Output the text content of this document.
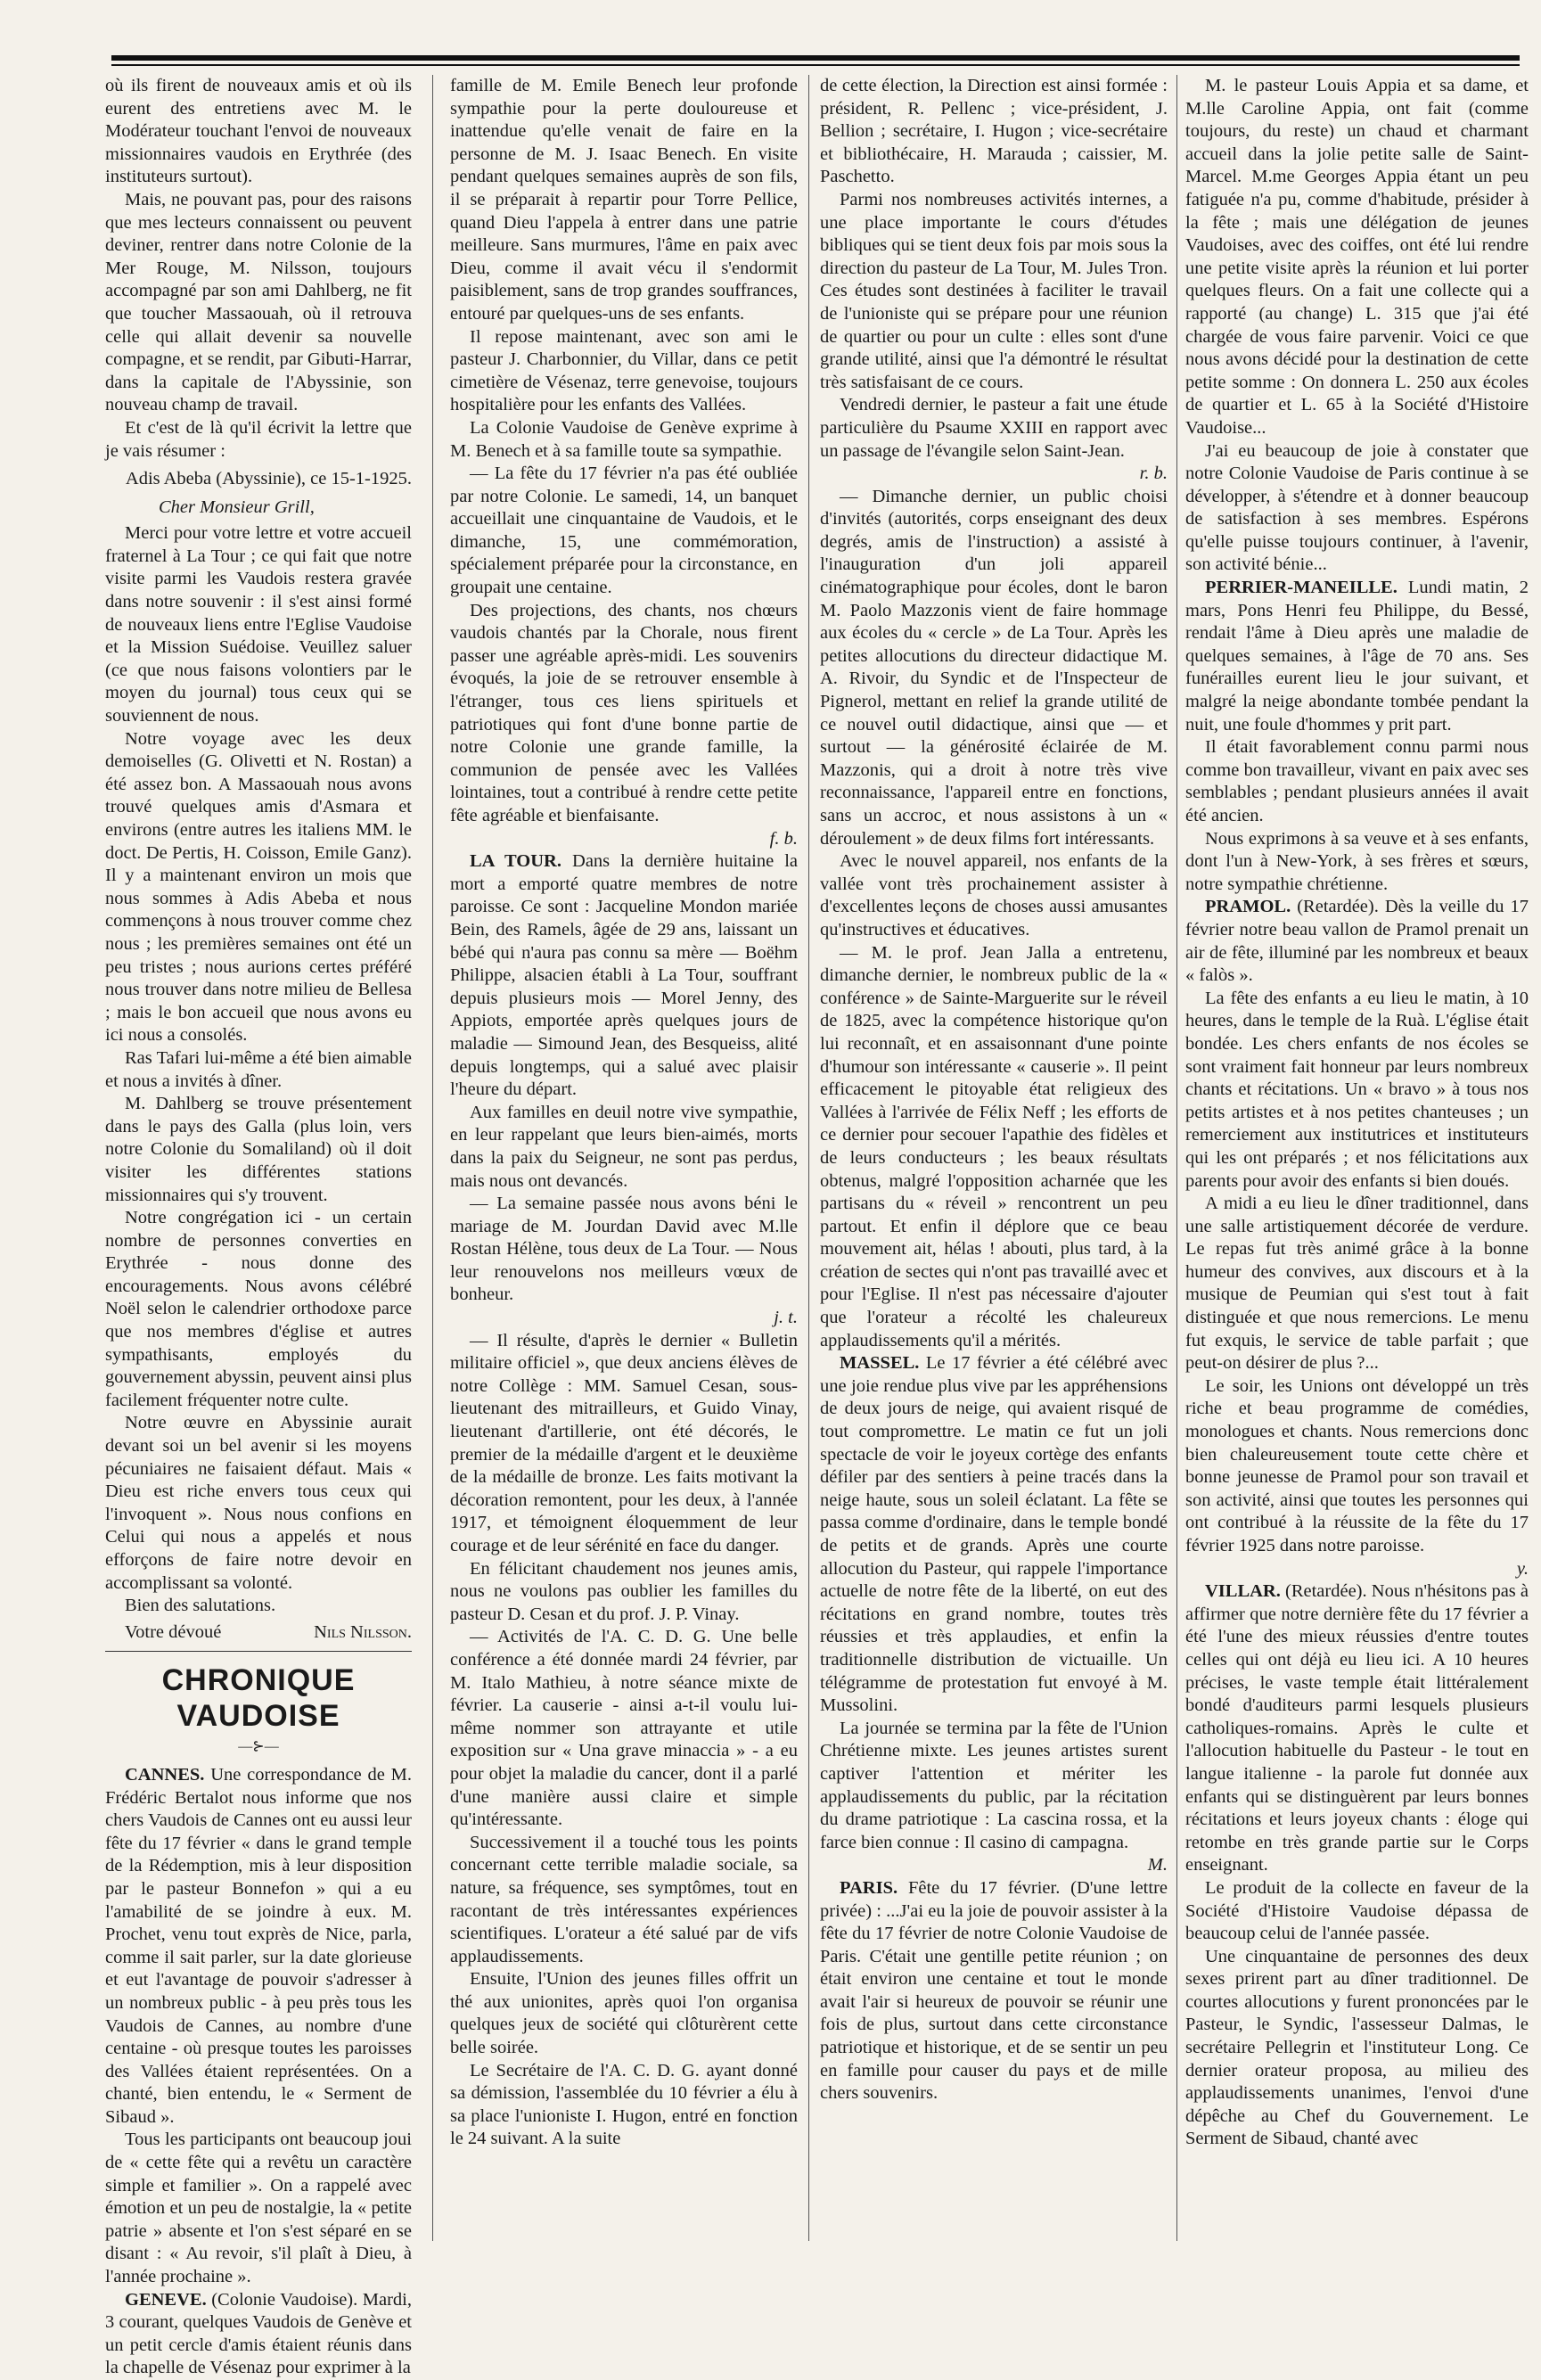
où ils firent de nouveaux amis et où ils eurent des entretiens avec M. le Modérateur touchant l'envoi de nouveaux missionnaires vaudois en Erythrée (des instituteurs surtout).

Mais, ne pouvant pas, pour des raisons que mes lecteurs connaissent ou peuvent deviner, rentrer dans notre Colonie de la Mer Rouge, M. Nilsson, toujours accompagné par son ami Dahlberg, ne fit que toucher Massaouah, où il retrouva celle qui allait devenir sa nouvelle compagne, et se rendit, par Gibuti-Harrar, dans la capitale de l'Abyssinie, son nouveau champ de travail.

Et c'est de là qu'il écrivit la lettre que je vais résumer :

Adis Abeba (Abyssinie), ce 15-1-1925.

Cher Monsieur Grill,

Merci pour votre lettre et votre accueil fraternel à La Tour ; ce qui fait que notre visite parmi les Vaudois restera gravée dans notre souvenir : il s'est ainsi formé de nouveaux liens entre l'Eglise Vaudoise et la Mission Suédoise. Veuillez saluer (ce que nous faisons volontiers par le moyen du journal) tous ceux qui se souviennent de nous.

Notre voyage avec les deux demoiselles (G. Olivetti et N. Rostan) a été assez bon. A Massaouah nous avons trouvé quelques amis d'Asmara et environs (entre autres les italiens MM. le doct. De Pertis, H. Coisson, Emile Ganz). Il y a maintenant environ un mois que nous sommes à Adis Abeba et nous commençons à nous trouver comme chez nous ; les premières semaines ont été un peu tristes ; nous aurions certes préféré nous trouver dans notre milieu de Bellesa ; mais le bon accueil que nous avons eu ici nous a consolés.

Ras Tafari lui-même a été bien aimable et nous a invités à dîner.

M. Dahlberg se trouve présentement dans le pays des Galla (plus loin, vers notre Colonie du Somaliland) où il doit visiter les différentes stations missionnaires qui s'y trouvent.

Notre congrégation ici - un certain nombre de personnes converties en Erythrée - nous donne des encouragements. Nous avons célébré Noël selon le calendrier orthodoxe parce que nos membres d'église et autres sympathisants, employés du gouvernement abyssin, peuvent ainsi plus facilement fréquenter notre culte.

Notre œuvre en Abyssinie aurait devant soi un bel avenir si les moyens pécuniaires ne faisaient défaut. Mais « Dieu est riche envers tous ceux qui l'invoquent ». Nous nous confions en Celui qui nous a appelés et nous efforçons de faire notre devoir en accomplissant sa volonté.

Bien des salutations.

Votre dévoué	Nils Nilsson.
CHRONIQUE VAUDOISE
—⊱—

CANNES. Une correspondance de M. Frédéric Bertalot nous informe que nos chers Vaudois de Cannes ont eu aussi leur fête du 17 février « dans le grand temple de la Rédemption, mis à leur disposition par le pasteur Bonnefon » qui a eu l'amabilité de se joindre à eux. M. Prochet, venu tout exprès de Nice, parla, comme il sait parler, sur la date glorieuse et eut l'avantage de pouvoir s'adresser à un nombreux public - à peu près tous les Vaudois de Cannes, au nombre d'une centaine - où presque toutes les paroisses des Vallées étaient représentées. On a chanté, bien entendu, le « Serment de Sibaud ».

Tous les participants ont beaucoup joui de « cette fête qui a revêtu un caractère simple et familier ». On a rappelé avec émotion et un peu de nostalgie, la « petite patrie » absente et l'on s'est séparé en se disant : « Au revoir, s'il plaît à Dieu, à l'année prochaine ».

GENEVE. (Colonie Vaudoise). Mardi, 3 courant, quelques Vaudois de Genève et un petit cercle d'amis étaient réunis dans la chapelle de Vésenaz pour exprimer à la

famille de M. Emile Benech leur profonde sympathie pour la perte douloureuse et inattendue qu'elle venait de faire en la personne de M. J. Isaac Benech. En visite pendant quelques semaines auprès de son fils, il se préparait à repartir pour Torre Pellice, quand Dieu l'appela à entrer dans une patrie meilleure. Sans murmures, l'âme en paix avec Dieu, comme il avait vécu il s'endormit paisiblement, sans de trop grandes souffrances, entouré par quelques-uns de ses enfants.

Il repose maintenant, avec son ami le pasteur J. Charbonnier, du Villar, dans ce petit cimetière de Vésenaz, terre genevoise, toujours hospitalière pour les enfants des Vallées.

La Colonie Vaudoise de Genève exprime à M. Benech et à sa famille toute sa sympathie.

— La fête du 17 février n'a pas été oubliée par notre Colonie. Le samedi, 14, un banquet accueillait une cinquantaine de Vaudois, et le dimanche, 15, une commémoration, spécialement préparée pour la circonstance, en groupait une centaine.

Des projections, des chants, nos chœurs vaudois chantés par la Chorale, nous firent passer une agréable après-midi. Les souvenirs évoqués, la joie de se retrouver ensemble à l'étranger, tous ces liens spirituels et patriotiques qui font d'une bonne partie de notre Colonie une grande famille, la communion de pensée avec les Vallées lointaines, tout a contribué à rendre cette petite fête agréable et bienfaisante.

f. b.

LA TOUR. Dans la dernière huitaine la mort a emporté quatre membres de notre paroisse. Ce sont : Jacqueline Mondon mariée Bein, des Ramels, âgée de 29 ans, laissant un bébé qui n'aura pas connu sa mère — Boëhm Philippe, alsacien établi à La Tour, souffrant depuis plusieurs mois — Morel Jenny, des Appiots, emportée après quelques jours de maladie — Simound Jean, des Besqueiss, alité depuis longtemps, qui a salué avec plaisir l'heure du départ.

Aux familles en deuil notre vive sympathie, en leur rappelant que leurs bien-aimés, morts dans la paix du Seigneur, ne sont pas perdus, mais nous ont devancés.

— La semaine passée nous avons béni le mariage de M. Jourdan David avec M.lle Rostan Hélène, tous deux de La Tour. — Nous leur renouvelons nos meilleurs vœux de bonheur.

j. t.

— Il résulte, d'après le dernier « Bulletin militaire officiel », que deux anciens élèves de notre Collège : MM. Samuel Cesan, sous-lieutenant des mitrailleurs, et Guido Vinay, lieutenant d'artillerie, ont été décorés, le premier de la médaille d'argent et le deuxième de la médaille de bronze. Les faits motivant la décoration remontent, pour les deux, à l'année 1917, et témoignent éloquemment de leur courage et de leur sérénité en face du danger.

En félicitant chaudement nos jeunes amis, nous ne voulons pas oublier les familles du pasteur D. Cesan et du prof. J. P. Vinay.

— Activités de l'A. C. D. G. Une belle conférence a été donnée mardi 24 février, par M. Italo Mathieu, à notre séance mixte de février. La causerie - ainsi a-t-il voulu lui-même nommer son attrayante et utile exposition sur « Una grave minaccia » - a eu pour objet la maladie du cancer, dont il a parlé d'une manière aussi claire et simple qu'intéressante.

Successivement il a touché tous les points concernant cette terrible maladie sociale, sa nature, sa fréquence, ses symptômes, tout en racontant de très intéressantes expériences scientifiques. L'orateur a été salué par de vifs applaudissements.

Ensuite, l'Union des jeunes filles offrit un thé aux unionites, après quoi l'on organisa quelques jeux de société qui clôturèrent cette belle soirée.

Le Secrétaire de l'A. C. D. G. ayant donné sa démission, l'assemblée du 10 février a élu à sa place l'unioniste I. Hugon, entré en fonction le 24 suivant. A la suite

de cette élection, la Direction est ainsi formée : président, R. Pellenc ; vice-président, J. Bellion ; secrétaire, I. Hugon ; vice-secrétaire et bibliothécaire, H. Marauda ; caissier, M. Paschetto.

Parmi nos nombreuses activités internes, a une place importante le cours d'études bibliques qui se tient deux fois par mois sous la direction du pasteur de La Tour, M. Jules Tron. Ces études sont destinées à faciliter le travail de l'unioniste qui se prépare pour une réunion de quartier ou pour un culte : elles sont d'une grande utilité, ainsi que l'a démontré le résultat très satisfaisant de ce cours.

Vendredi dernier, le pasteur a fait une étude particulière du Psaume XXIII en rapport avec un passage de l'évangile selon Saint-Jean.

r. b.

— Dimanche dernier, un public choisi d'invités (autorités, corps enseignant des deux degrés, amis de l'instruction) a assisté à l'inauguration d'un joli appareil cinématographique pour écoles, dont le baron M. Paolo Mazzonis vient de faire hommage aux écoles du « cercle » de La Tour. Après les petites allocutions du directeur didactique M. A. Rivoir, du Syndic et de l'Inspecteur de Pignerol, mettant en relief la grande utilité de ce nouvel outil didactique, ainsi que — et surtout — la générosité éclairée de M. Mazzonis, qui a droit à notre très vive reconnaissance, l'appareil entre en fonctions, sans un accroc, et nous assistons à un « déroulement » de deux films fort intéressants.

Avec le nouvel appareil, nos enfants de la vallée vont très prochainement assister à d'excellentes leçons de choses aussi amusantes qu'instructives et éducatives.

— M. le prof. Jean Jalla a entretenu, dimanche dernier, le nombreux public de la « conférence » de Sainte-Marguerite sur le réveil de 1825, avec la compétence historique qu'on lui reconnaît, et en assaisonnant d'une pointe d'humour son intéressante « causerie ». Il peint efficacement le pitoyable état religieux des Vallées à l'arrivée de Félix Neff ; les efforts de ce dernier pour secouer l'apathie des fidèles et de leurs conducteurs ; les beaux résultats obtenus, malgré l'opposition acharnée que les partisans du « réveil » rencontrent un peu partout. Et enfin il déplore que ce beau mouvement ait, hélas ! abouti, plus tard, à la création de sectes qui n'ont pas travaillé avec et pour l'Eglise. Il n'est pas nécessaire d'ajouter que l'orateur a récolté les chaleureux applaudissements qu'il a mérités.

MASSEL. Le 17 février a été célébré avec une joie rendue plus vive par les appréhensions de deux jours de neige, qui avaient risqué de tout compromettre. Le matin ce fut un joli spectacle de voir le joyeux cortège des enfants défiler par des sentiers à peine tracés dans la neige haute, sous un soleil éclatant. La fête se passa comme d'ordinaire, dans le temple bondé de petits et de grands. Après une courte allocution du Pasteur, qui rappele l'importance actuelle de notre fête de la liberté, on eut des récitations en grand nombre, toutes très réussies et très applaudies, et enfin la traditionnelle distribution de victuaille. Un télégramme de protestation fut envoyé à M. Mussolini.

La journée se termina par la fête de l'Union Chrétienne mixte. Les jeunes artistes surent captiver l'attention et mériter les applaudissements du public, par la récitation du drame patriotique : La cascina rossa, et la farce bien connue : Il casino di campagna.

M.

PARIS. Fête du 17 février. (D'une lettre privée) : ...J'ai eu la joie de pouvoir assister à la fête du 17 février de notre Colonie Vaudoise de Paris. C'était une gentille petite réunion ; on était environ une centaine et tout le monde avait l'air si heureux de pouvoir se réunir une fois de plus, surtout dans cette circonstance patriotique et historique, et de se sentir un peu en famille pour causer du pays et de mille chers souvenirs.

M. le pasteur Louis Appia et sa dame, et M.lle Caroline Appia, ont fait (comme toujours, du reste) un chaud et charmant accueil dans la jolie petite salle de Saint-Marcel. M.me Georges Appia étant un peu fatiguée n'a pu, comme d'habitude, présider à la fête ; mais une délégation de jeunes Vaudoises, avec des coiffes, ont été lui rendre une petite visite après la réunion et lui porter quelques fleurs. On a fait une collecte qui a rapporté (au change) L. 315 que j'ai été chargée de vous faire parvenir. Voici ce que nous avons décidé pour la destination de cette petite somme : On donnera L. 250 aux écoles de quartier et L. 65 à la Société d'Histoire Vaudoise...

J'ai eu beaucoup de joie à constater que notre Colonie Vaudoise de Paris continue à se développer, à s'étendre et à donner beaucoup de satisfaction à ses membres. Espérons qu'elle puisse toujours continuer, à l'avenir, son activité bénie...

PERRIER-MANEILLE. Lundi matin, 2 mars, Pons Henri feu Philippe, du Bessé, rendait l'âme à Dieu après une maladie de quelques semaines, à l'âge de 70 ans. Ses funérailles eurent lieu le jour suivant, et malgré la neige abondante tombée pendant la nuit, une foule d'hommes y prit part.

Il était favorablement connu parmi nous comme bon travailleur, vivant en paix avec ses semblables ; pendant plusieurs années il avait été ancien.

Nous exprimons à sa veuve et à ses enfants, dont l'un à New-York, à ses frères et sœurs, notre sympathie chrétienne.

PRAMOL. (Retardée). Dès la veille du 17 février notre beau vallon de Pramol prenait un air de fête, illuminé par les nombreux et beaux « falòs ».

La fête des enfants a eu lieu le matin, à 10 heures, dans le temple de la Ruà. L'église était bondée. Les chers enfants de nos écoles se sont vraiment fait honneur par leurs nombreux chants et récitations. Un « bravo » à tous nos petits artistes et à nos petites chanteuses ; un remerciement aux institutrices et instituteurs qui les ont préparés ; et nos félicitations aux parents pour avoir des enfants si bien doués.

A midi a eu lieu le dîner traditionnel, dans une salle artistiquement décorée de verdure. Le repas fut très animé grâce à la bonne humeur des convives, aux discours et à la musique de Peumian qui s'est tout à fait distinguée et que nous remercions. Le menu fut exquis, le service de table parfait ; que peut-on désirer de plus ?...

Le soir, les Unions ont développé un très riche et beau programme de comédies, monologues et chants. Nous remercions donc bien chaleureusement toute cette chère et bonne jeunesse de Pramol pour son travail et son activité, ainsi que toutes les personnes qui ont contribué à la réussite de la fête du 17 février 1925 dans notre paroisse.

y.

VILLAR. (Retardée). Nous n'hésitons pas à affirmer que notre dernière fête du 17 février a été l'une des mieux réussies d'entre toutes celles qui ont déjà eu lieu ici. A 10 heures précises, le vaste temple était littéralement bondé d'auditeurs parmi lesquels plusieurs catholiques-romains. Après le culte et l'allocution habituelle du Pasteur - le tout en langue italienne - la parole fut donnée aux enfants qui se distinguèrent par leurs bonnes récitations et leurs joyeux chants : éloge qui retombe en très grande partie sur le Corps enseignant.

Le produit de la collecte en faveur de la Société d'Histoire Vaudoise dépassa de beaucoup celui de l'année passée.

Une cinquantaine de personnes des deux sexes prirent part au dîner traditionnel. De courtes allocutions y furent prononcées par le Pasteur, le Syndic, l'assesseur Dalmas, le secrétaire Pellegrin et l'instituteur Long. Ce dernier orateur proposa, au milieu des applaudissements unanimes, l'envoi d'une dépêche au Chef du Gouvernement. Le Serment de Sibaud, chanté avec
